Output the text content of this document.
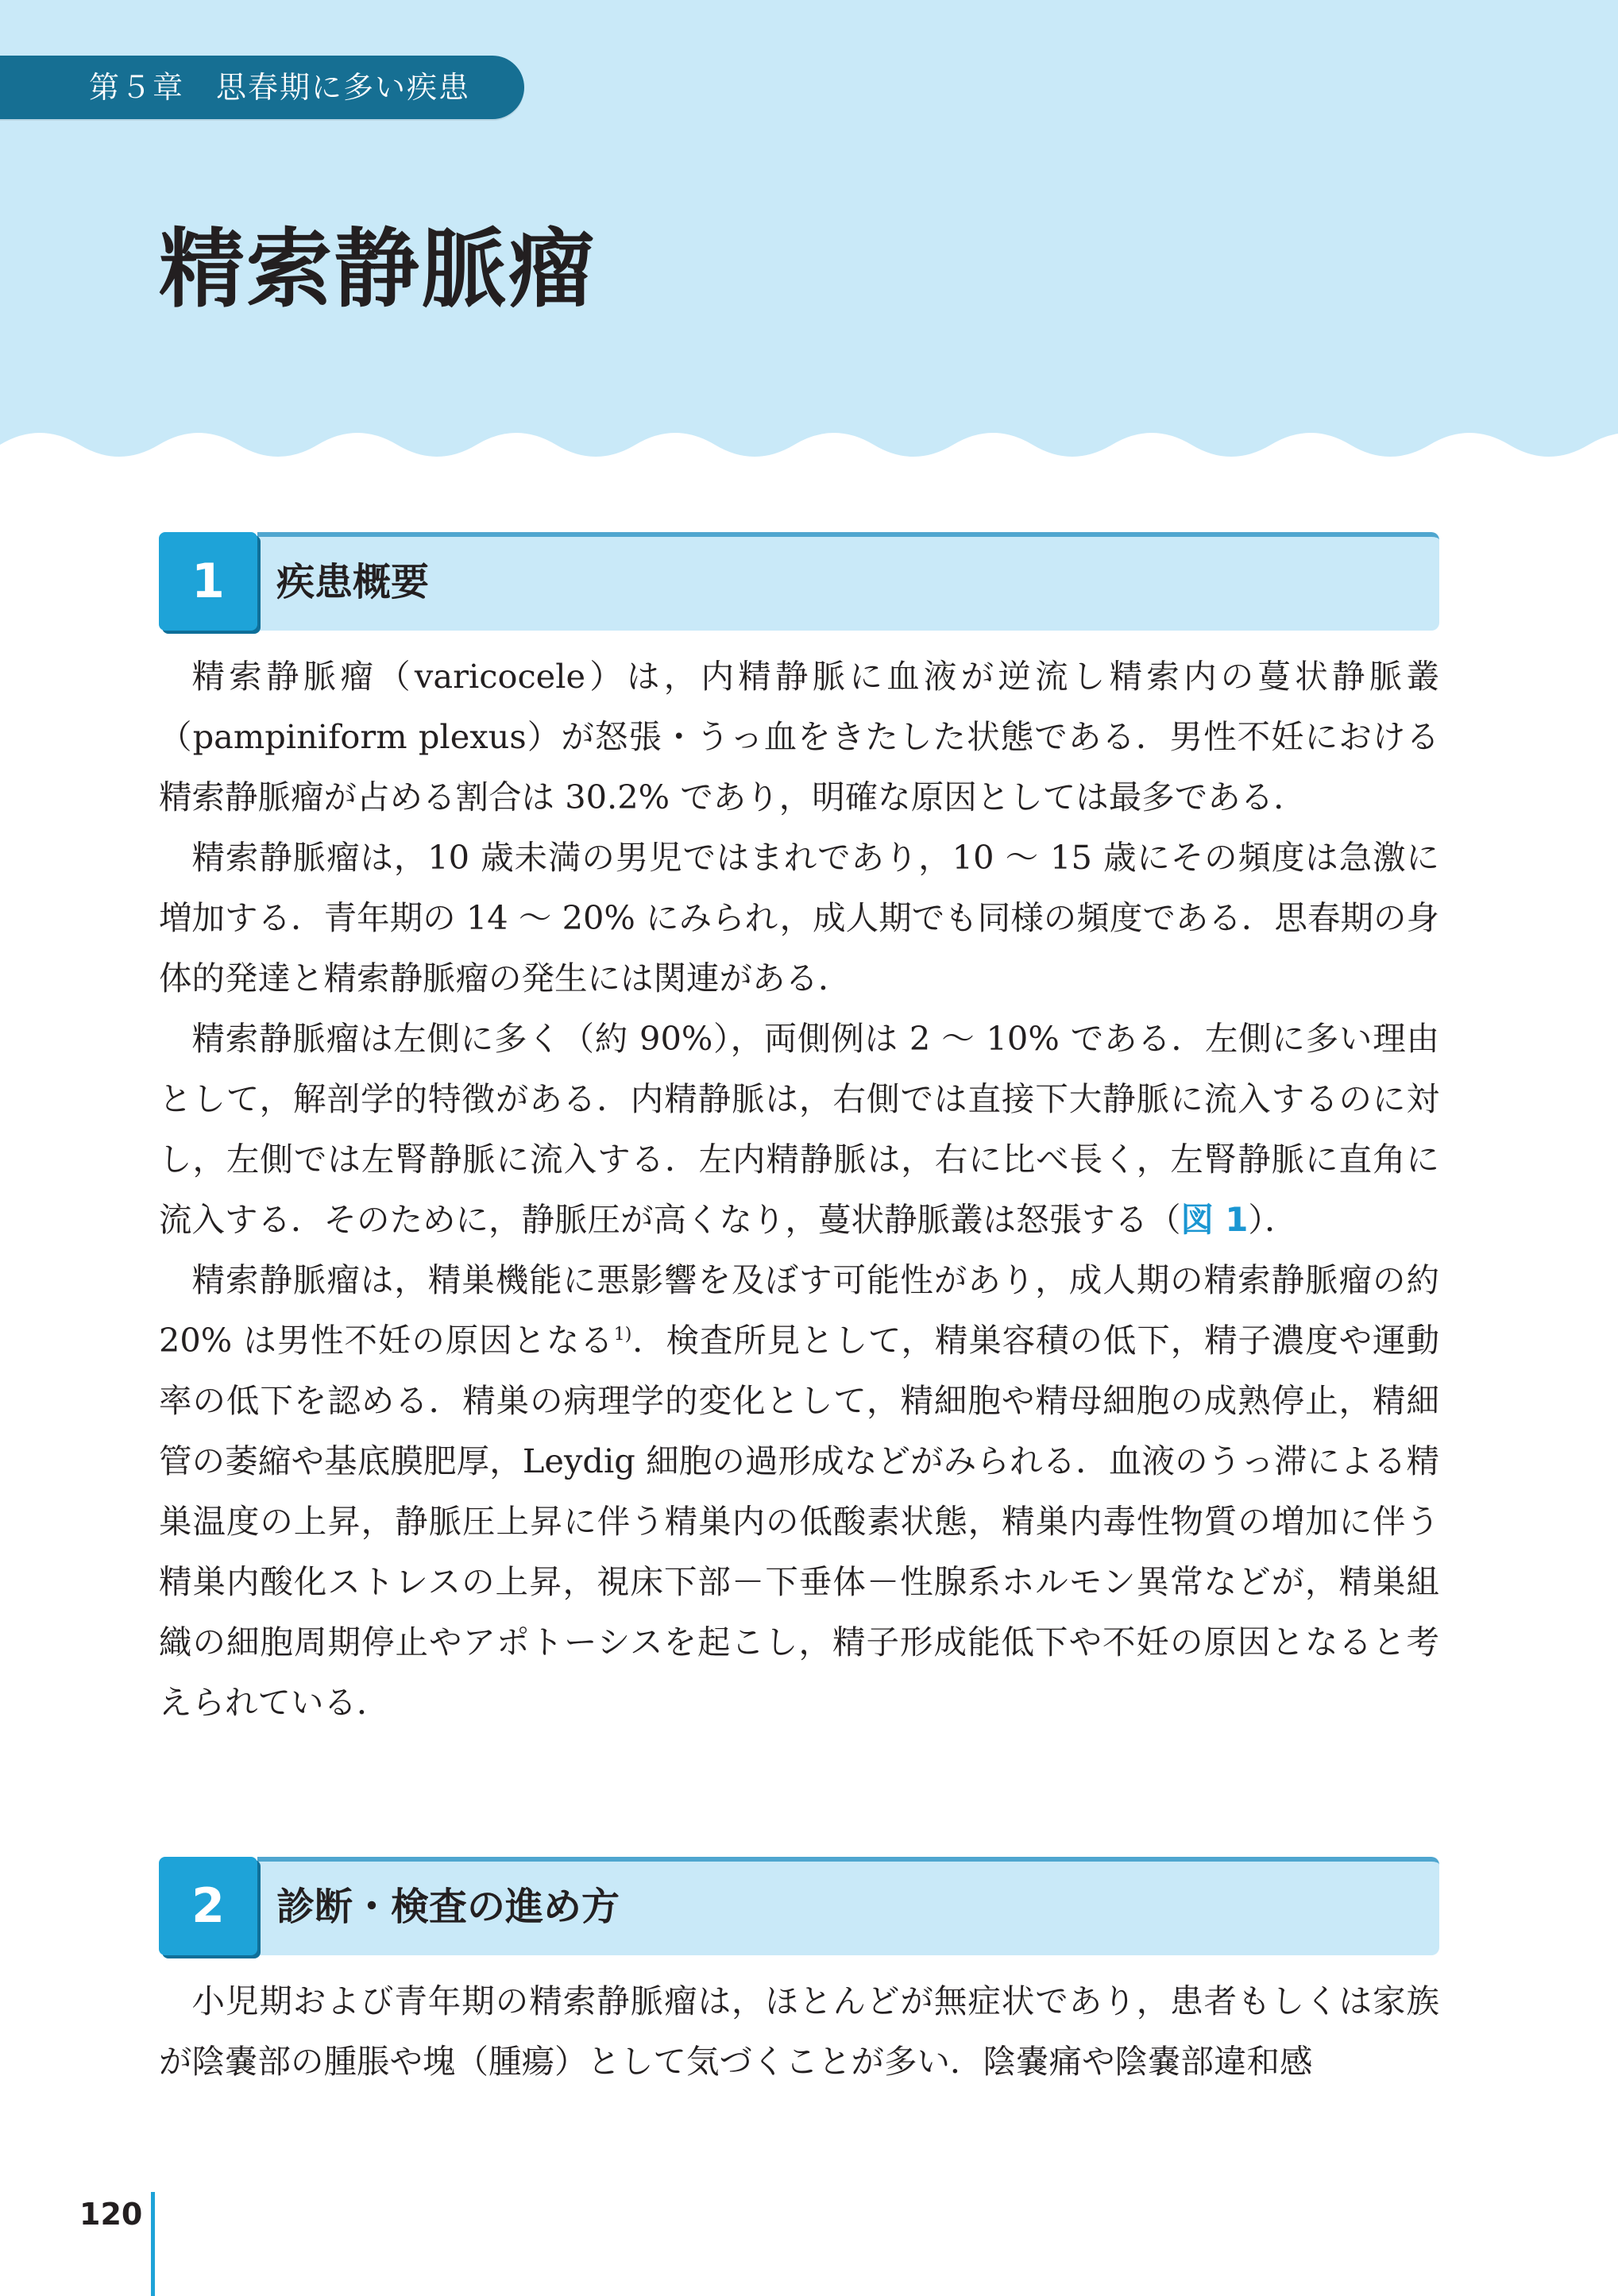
第５章　思春期に多い疾患
精索静脈瘤
1	疾患概要

精索静脈瘤（varicocele）は，内精静脈に血液が逆流し精索内の蔓状静脈叢（pampiniform plexus）が怒張・うっ血をきたした状態である．男性不妊における精索静脈瘤が占める割合は 30.2% であり，明確な原因としては最多である．

精索静脈瘤は，10 歳未満の男児ではまれであり，10 ～ 15 歳にその頻度は急激に増加する．青年期の 14 ～ 20% にみられ，成人期でも同様の頻度である．思春期の身体的発達と精索静脈瘤の発生には関連がある．

精索静脈瘤は左側に多く（約 90%），両側例は 2 ～ 10% である．左側に多い理由として，解剖学的特徴がある．内精静脈は，右側では直接下大静脈に流入するのに対し，左側では左腎静脈に流入する．左内精静脈は，右に比べ長く，左腎静脈に直角に流入する．そのために，静脈圧が高くなり，蔓状静脈叢は怒張する（図 1）．

精索静脈瘤は，精巣機能に悪影響を及ぼす可能性があり，成人期の精索静脈瘤の約 20% は男性不妊の原因となる$^{1)}$．検査所見として，精巣容積の低下，精子濃度や運動率の低下を認める．精巣の病理学的変化として，精細胞や精母細胞の成熟停止，精細管の萎縮や基底膜肥厚，Leydig 細胞の過形成などがみられる．血液のうっ滞による精巣温度の上昇，静脈圧上昇に伴う精巣内の低酸素状態，精巣内毒性物質の増加に伴う精巣内酸化ストレスの上昇，視床下部－下垂体－性腺系ホルモン異常などが，精巣組織の細胞周期停止やアポトーシスを起こし，精子形成能低下や不妊の原因となると考えられている．

2	診断・検査の進め方

小児期および青年期の精索静脈瘤は，ほとんどが無症状であり，患者もしくは家族が陰嚢部の腫脹や塊（腫瘍）として気づくことが多い．陰嚢痛や陰嚢部違和感

120
